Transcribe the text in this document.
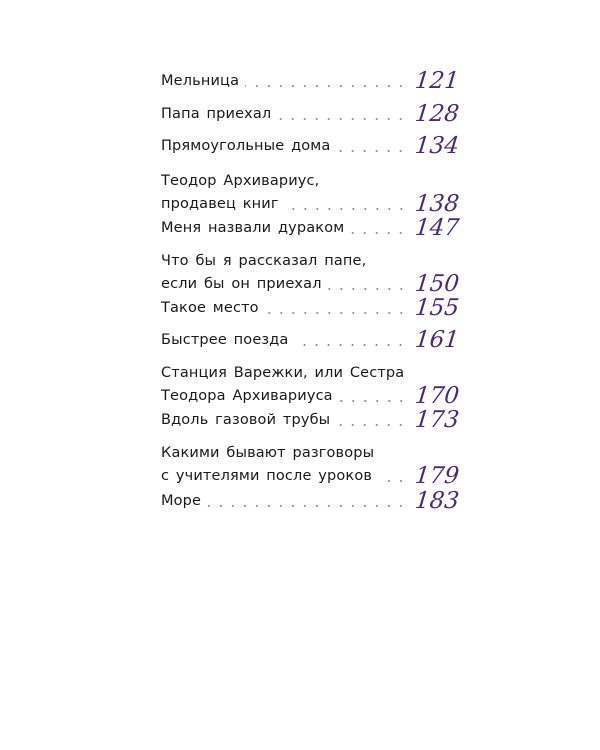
Мельница	121
Папа приехал	128
Прямоугольные дома	134
Теодор Архивариус,
продавец книг	138
Меня назвали дураком	147
Что бы я рассказал папе,
если бы он приехал	150
Такое место	155
Быстрее поезда	161
Станция Варежки, или Сестра
Теодора Архивариуса	170
Вдоль газовой трубы	173
Какими бывают разговоры
с учителями после уроков 179
Море	183
